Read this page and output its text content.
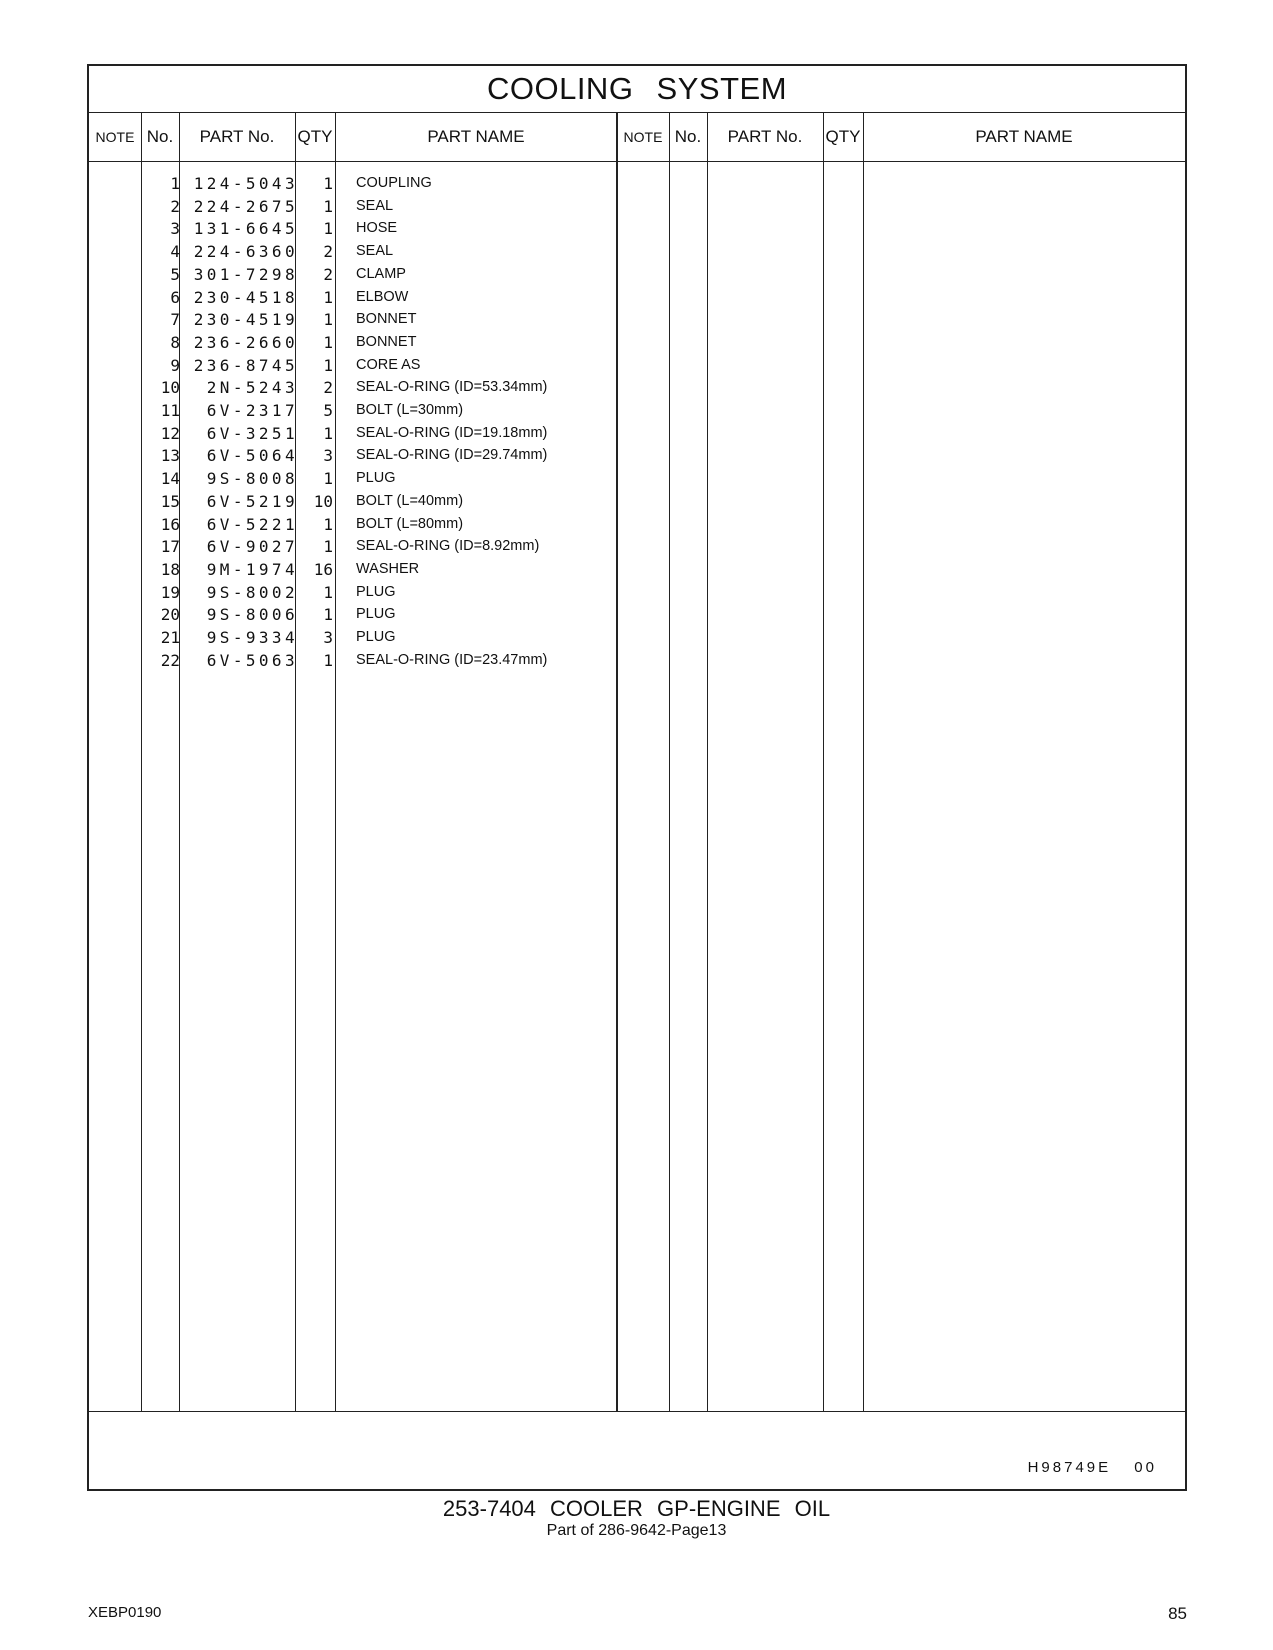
COOLING SYSTEM
NOTE No.	PART No.	QTY	PART NAME	NOTE No.	PART No.	QTY	PART NAME
1 124-5043	1 COUPLING
2 224-2675	1 SEAL
3 131-6645	1 HOSE
4 224-6360	2 SEAL
5 301-7298	2 CLAMP
6 230-4518	1 ELBOW
7 230-4519	1 BONNET
8 236-2660	1 BONNET
9 236-8745	1 CORE AS
10	2N-5243	2 SEAL-O-RING (ID=53.34mm)
11	6V-2317	5 BOLT (L=30mm)
12	6V-3251	1 SEAL-O-RING (ID=19.18mm)
13	6V-5064	3 SEAL-O-RING (ID=29.74mm)
14	9S-8008	1 PLUG
15	6V-5219 10 BOLT (L=40mm)
16	6V-5221	1 BOLT (L=80mm)
17	6V-9027	1 SEAL-O-RING (ID=8.92mm)
18	9M-1974 16 WASHER
19	9S-8002	1 PLUG
20	9S-8006	1 PLUG
21	9S-9334	3 PLUG
22	6V-5063	1 SEAL-O-RING (ID=23.47mm)
H98749E 00
253-7404 COOLER GP-ENGINE OIL
Part of 286-9642-Page13
XEBP0190	85
